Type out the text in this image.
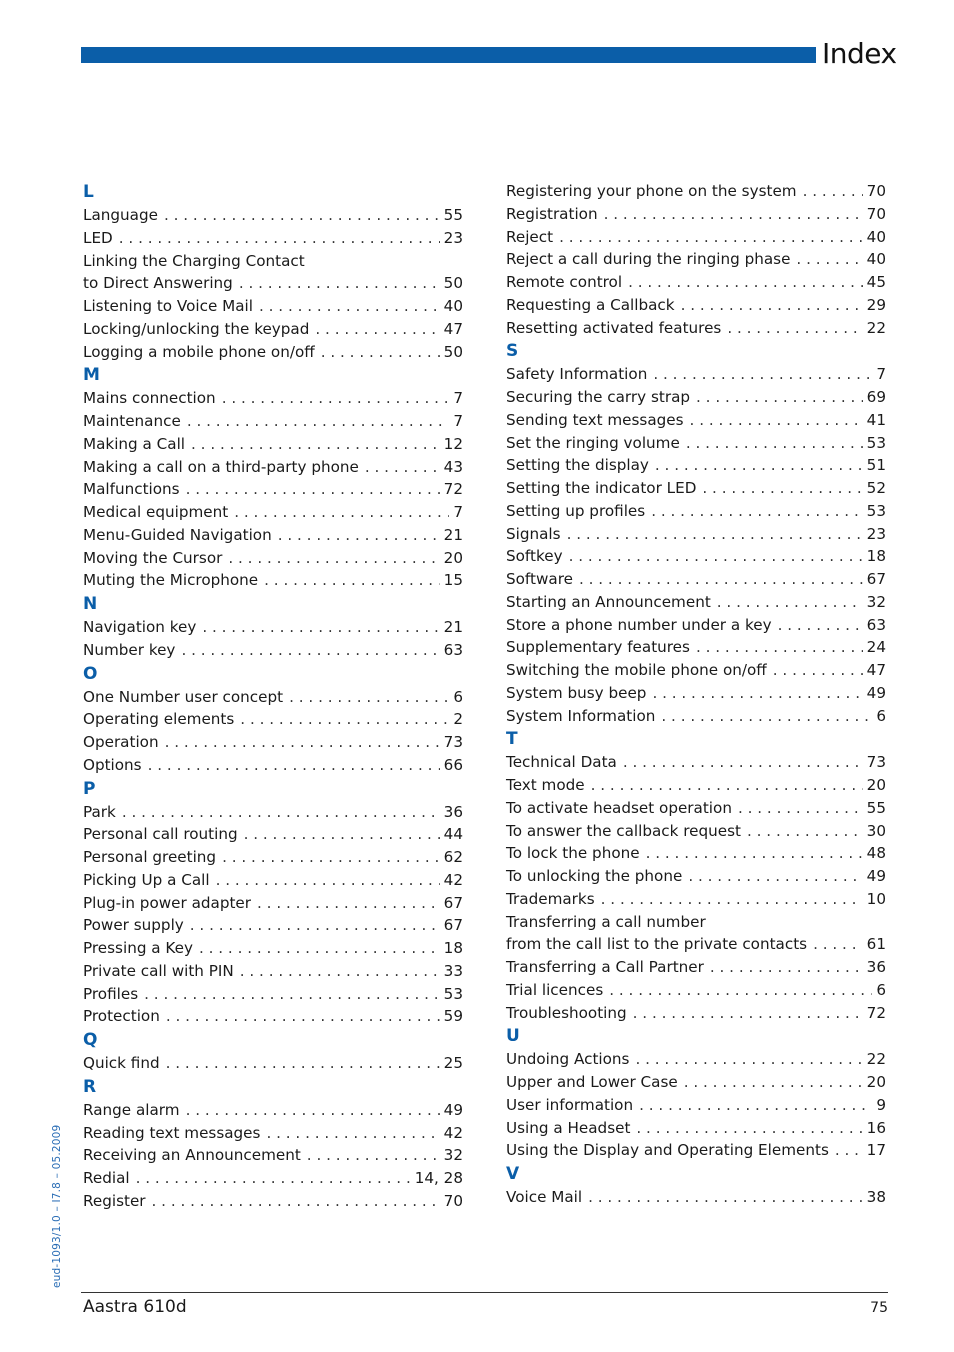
Index
eud-1093/1.0 – I7.8 – 05.2009
L
Language . . .	55
LED . . .	23
Linking the Charging Contact
to Direct Answering . . .	50
Listening to Voice Mail . . .	40
Locking/unlocking the keypad . . .	47
Logging a mobile phone on/off . . .	50
M
Mains connection . . .	7
Maintenance . . .	7
Making a Call . . .	12
Making a call on a third-party phone . . .	43
Malfunctions . . .	72
Medical equipment . . .	7
Menu-Guided Navigation . . .	21
Moving the Cursor . . .	20
Muting the Microphone . . .	15
N
Navigation key . . .	21
Number key . . .	63
O
One Number user concept . . .	6
Operating elements . . .	2
Operation . . .	73
Options . . .	66
P
Park . . .	36
Personal call routing . . .	44
Personal greeting . . .	62
Picking Up a Call . . .	42
Plug-in power adapter . . .	67
Power supply . . .	67
Pressing a Key . . .	18
Private call with PIN . . .	33
Profiles . . .	53
Protection . . .	59
Q
Quick find . . .	25
R
Range alarm . . .	49
Reading text messages . . .	42
Receiving an Announcement . . .	32
Redial . . .	14, 28
Register . . .	70
Registering your phone on the system . . .	70
Registration . . .	70
Reject . . .	40
Reject a call during the ringing phase . . .	40
Remote control . . .	45
Requesting a Callback . . .	29
Resetting activated features . . .	22
S
Safety Information . . .	7
Securing the carry strap . . .	69
Sending text messages . . .	41
Set the ringing volume . . .	53
Setting the display . . .	51
Setting the indicator LED . . .	52
Setting up profiles . . .	53
Signals . . .	23
Softkey . . .	18
Software . . .	67
Starting an Announcement . . .	32
Store a phone number under a key . . .	63
Supplementary features . . .	24
Switching the mobile phone on/off . . .	47
System busy beep . . .	49
System Information . . .	6
T
Technical Data . . .	73
Text mode . . .	20
To activate headset operation . . .	55
To answer the callback request . . .	30
To lock the phone . . .	48
To unlocking the phone . . .	49
Trademarks . . .	10
Transferring a call number
from the call list to the private contacts . . .	61
Transferring a Call Partner . . .	36
Trial licences . . .	6
Troubleshooting . . .	72
U
Undoing Actions . . .	22
Upper and Lower Case . . .	20
User information . . .	9
Using a Headset . . .	16
Using the Display and Operating Elements . . . 17
V
Voice Mail . . .	38
Aastra 610d	75
